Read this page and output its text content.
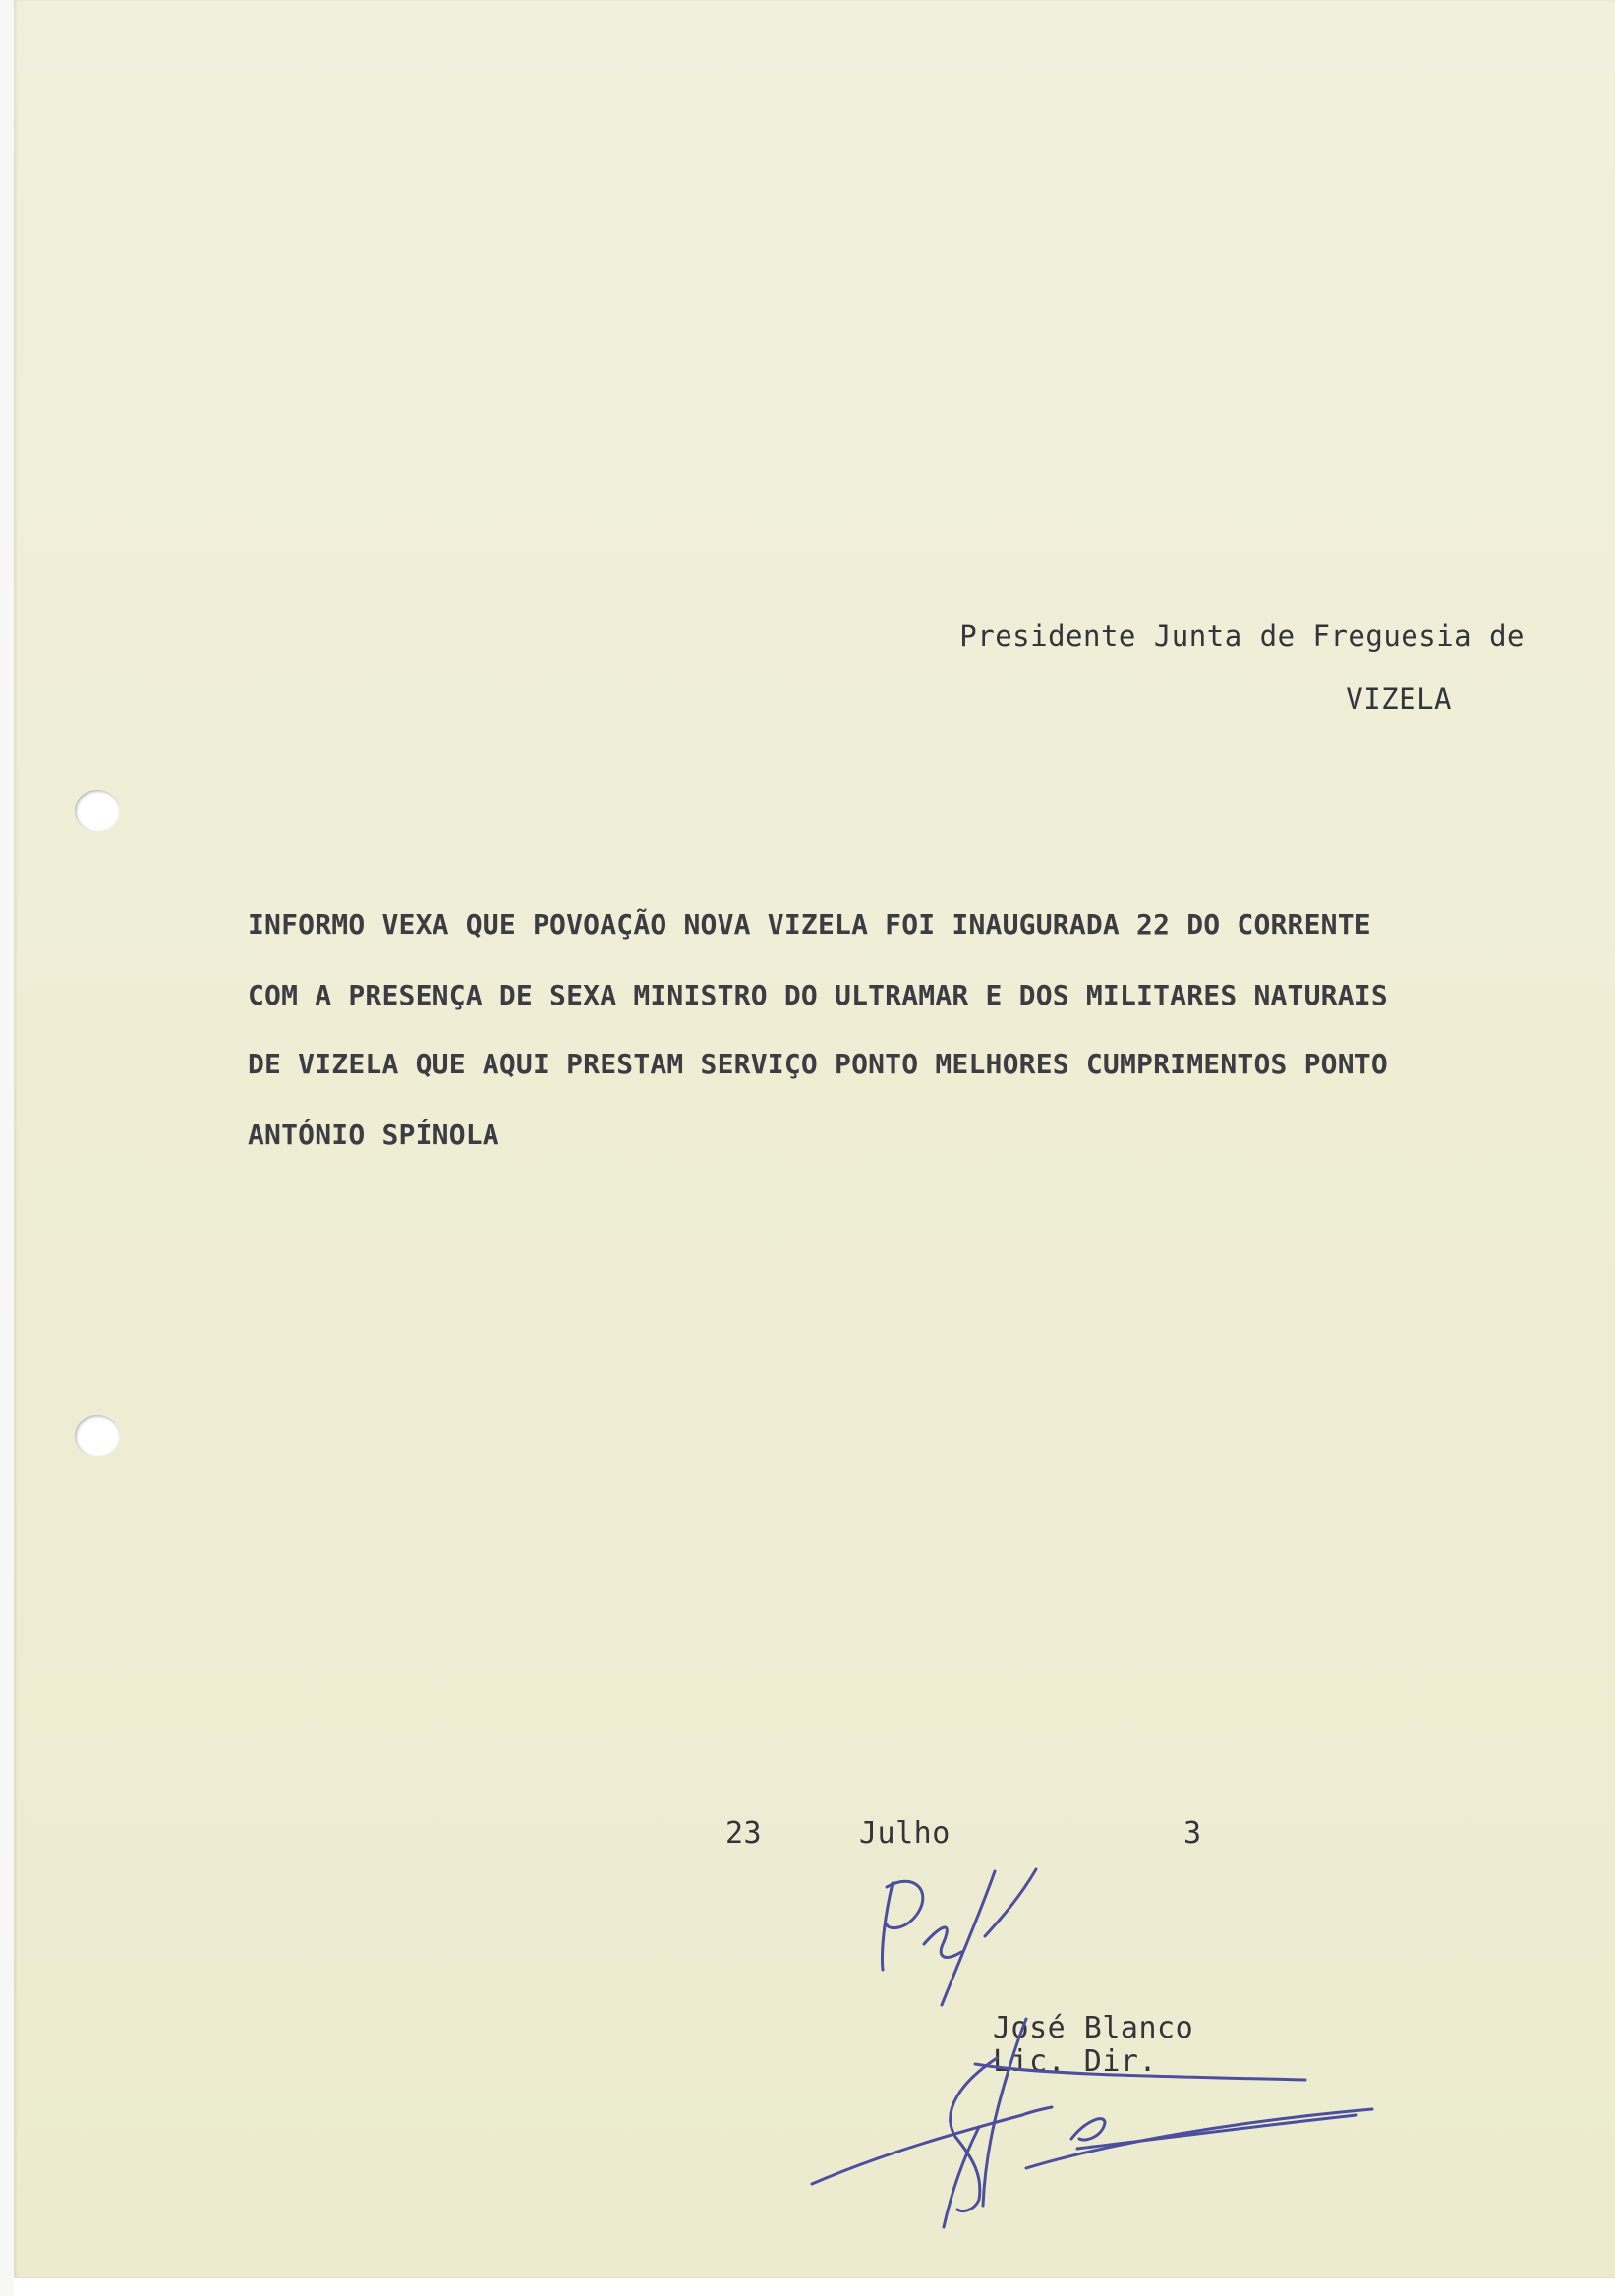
Presidente Junta de Freguesia de
VIZELA
INFORMO VEXA QUE POVOAÇÃO NOVA VIZELA FOI INAUGURADA 22 DO CORRENTE
COM A PRESENÇA DE SEXA MINISTRO DO ULTRAMAR E DOS MILITARES NATURAIS
DE VIZELA QUE AQUI PRESTAM SERVIÇO PONTO MELHORES CUMPRIMENTOS PONTO
ANTÓNIO SPÍNOLA
23	Julho	3
José Blanco
Lic. Dir.
